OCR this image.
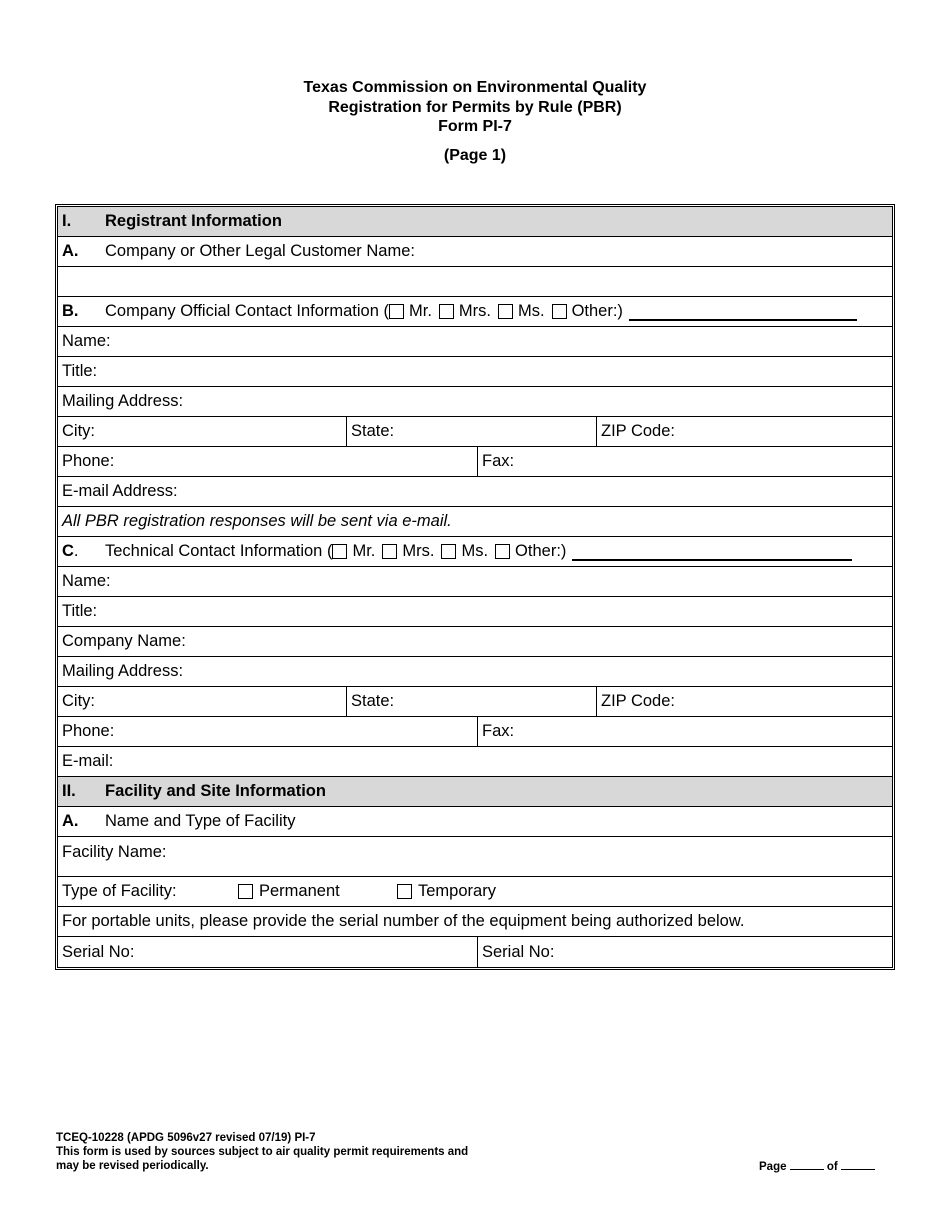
Texas Commission on Environmental Quality
Registration for Permits by Rule (PBR)
Form PI-7
(Page 1)
I.	Registrant Information
A.	Company or Other Legal Customer Name:
B.	Company Official Contact Information ( Mr. Mrs. Ms. Other:)
Name:
Title:
Mailing Address:
City:	State:	ZIP Code:
Phone:	Fax:
E-mail Address:
All PBR registration responses will be sent via e-mail.
C.	Technical Contact Information ( Mr. Mrs. Ms. Other:)
Name:
Title:
Company Name:
Mailing Address:
City:	State:	ZIP Code:
Phone:	Fax:
E-mail:
II.	Facility and Site Information
A.	Name and Type of Facility
Facility Name:
Type of Facility:	Permanent	Temporary
For portable units, please provide the serial number of the equipment being authorized below.
Serial No:	Serial No:
TCEQ-10228 (APDG 5096v27 revised 07/19) PI-7
This form is used by sources subject to air quality permit requirements and
may be revised periodically.	Page	of
